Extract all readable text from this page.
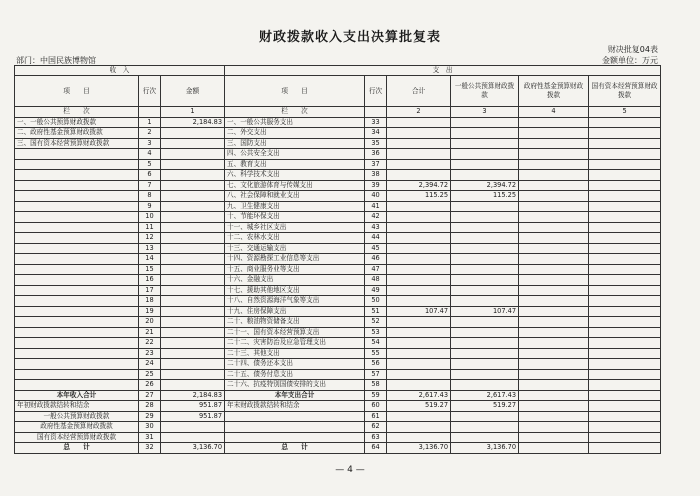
财政拨款收入支出决算批复表
财决批复04表
部门：中国民族博物馆	金额单位：万元
收　入			支　出					
项　　目	行次	金额	项　　目	行次	合计	一般公共预算财政拨款	政府性基金预算财政拨款	国有资本经营预算财政拨款
栏　　次		1	栏　　次		2	3	4	5
一、一般公共预算财政拨款	1	2,184.83	一、一般公共服务支出	33				
二、政府性基金预算财政拨款	2		二、外交支出	34				
三、国有资本经营预算财政拨款	3		三、国防支出	35				
	4		四、公共安全支出	36				
	5		五、教育支出	37				
	6		六、科学技术支出	38				
	7		七、文化旅游体育与传媒支出	39	2,394.72	2,394.72		
	8		八、社会保障和就业支出	40	115.25	115.25		
	9		九、卫生健康支出	41				
	10		十、节能环保支出	42				
	11		十一、城乡社区支出	43				
	12		十二、农林水支出	44				
	13		十三、交通运输支出	45				
	14		十四、资源勘探工业信息等支出	46				
	15		十五、商业服务业等支出	47				
	16		十六、金融支出	48				
	17		十七、援助其他地区支出	49				
	18		十八、自然资源海洋气象等支出	50				
	19		十九、住房保障支出	51	107.47	107.47		
	20		二十、粮油物资储备支出	52				
	21		二十一、国有资本经营预算支出	53				
	22		二十二、灾害防治及应急管理支出	54				
	23		二十三、其他支出	55				
	24		二十四、债务还本支出	56				
	25		二十五、债务付息支出	57				
	26		二十六、抗疫特别国债安排的支出	58				
本年收入合计	27	2,184.83	本年支出合计	59	2,617.43	2,617.43		
年初财政拨款结转和结余	28	951.87	年末财政拨款结转和结余	60	519.27	519.27		
一般公共预算财政拨款	29	951.87		61				
政府性基金预算财政拨款	30			62				
国有资本经营预算财政拨款	31			63				
总　　计	32	3,136.70	总　　计	64	3,136.70	3,136.70		
— 4 —
